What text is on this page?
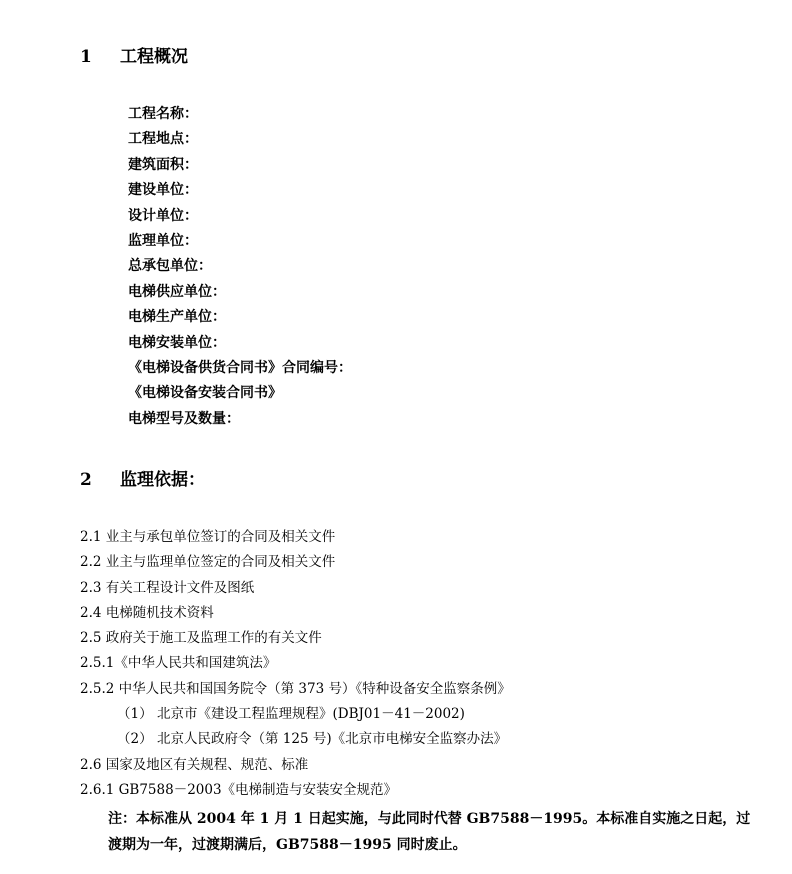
1 工程概况
工程名称：
工程地点：
建筑面积：
建设单位：
设计单位：
监理单位：
总承包单位：
电梯供应单位：
电梯生产单位：
电梯安装单位：
《电梯设备供货合同书》合同编号：
《电梯设备安装合同书》
电梯型号及数量：
2 监理依据：
2.1 业主与承包单位签订的合同及相关文件
2.2 业主与监理单位签定的合同及相关文件
2.3 有关工程设计文件及图纸
2.4 电梯随机技术资料
2.5 政府关于施工及监理工作的有关文件
2.5.1《中华人民共和国建筑法》
2.5.2 中华人民共和国国务院令（第 373 号）《特种设备安全监察条例》
（1） 北京市《建设工程监理规程》(DBJ01－41－2002)
（2） 北京人民政府令（第 125 号)《北京市电梯安全监察办法》
2.6 国家及地区有关规程、规范、标准
2.6.1 GB7588－2003《电梯制造与安装安全规范》

注：本标准从 2004 年 1 月 1 日起实施，与此同时代替 GB7588－1995。本标准自实施之日起，过

渡期为一年，过渡期满后，GB7588－1995 同时废止。
